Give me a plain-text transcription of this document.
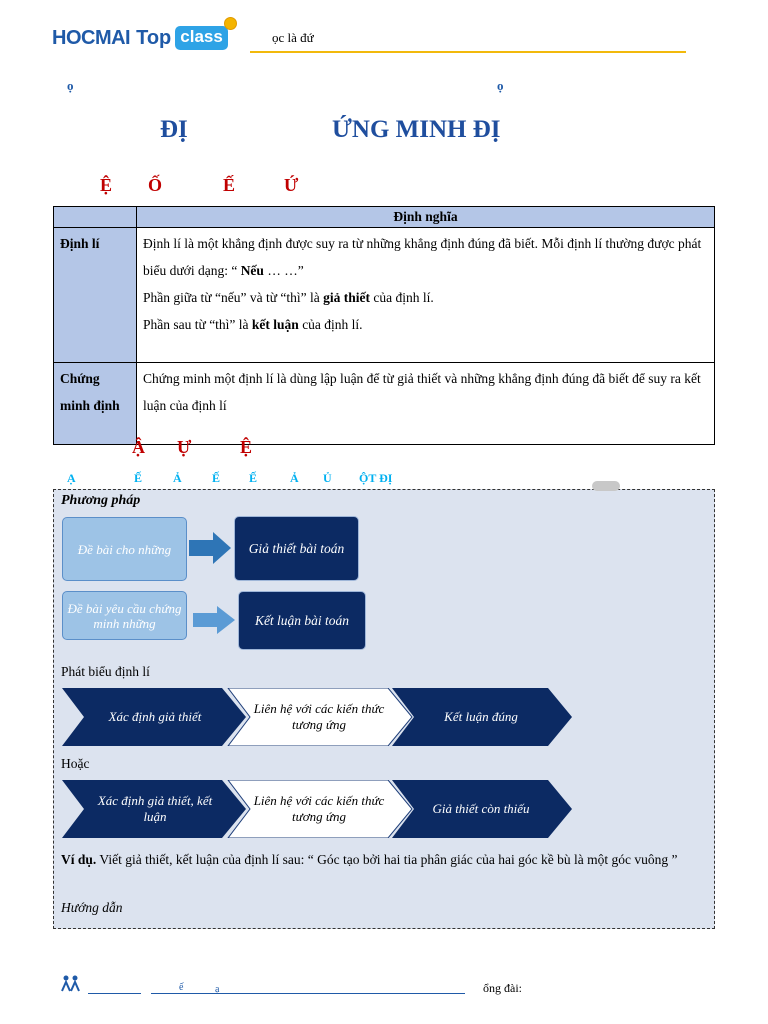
HOCMAI Top class	ọc là đứ
ọ	ọ
ĐỊ	ỨNG MINH ĐỊ
Ệ Ố	Ế	Ứ
	Định nghĩa
Định lí	Định lí là một khẳng định được suy ra từ những khẳng định đúng đã biết. Mỗi định lí thường được phát biểu dưới dạng: “ Nếu … …”
Phần giữa từ “nếu” và từ “thì” là giả thiết của định lí.
Phần sau từ “thì” là kết luận của định lí.

Chứng minh định	Chứng minh một định lí là dùng lập luận để từ giả thiết và những khẳng định đúng đã biết để suy ra kết luận của định lí
Ậ Ự	Ệ
Ạ	Ế	Ả	Ế Ế	Ả Ủ ỘT ĐỊ
Phương pháp
Đề bài cho những	Giả thiết bài toán
Đề bài yêu cầu chứng minh những	Kết luận bài toán
Phát biểu định lí
Xác định giả thiết
Liên hệ với các kiến thức tương ứng
Kết luận đúng
Hoặc
Xác định giả thiết, kết luận
Liên hệ với các kiến thức tương ứng
Giả thiết còn thiếu
Ví dụ. Viết giả thiết, kết luận của định lí sau: “ Góc tạo bởi hai tia phân giác của hai góc kề bù là một góc vuông ”
Hướng dẫn
ế	ạ	ổng đài:
